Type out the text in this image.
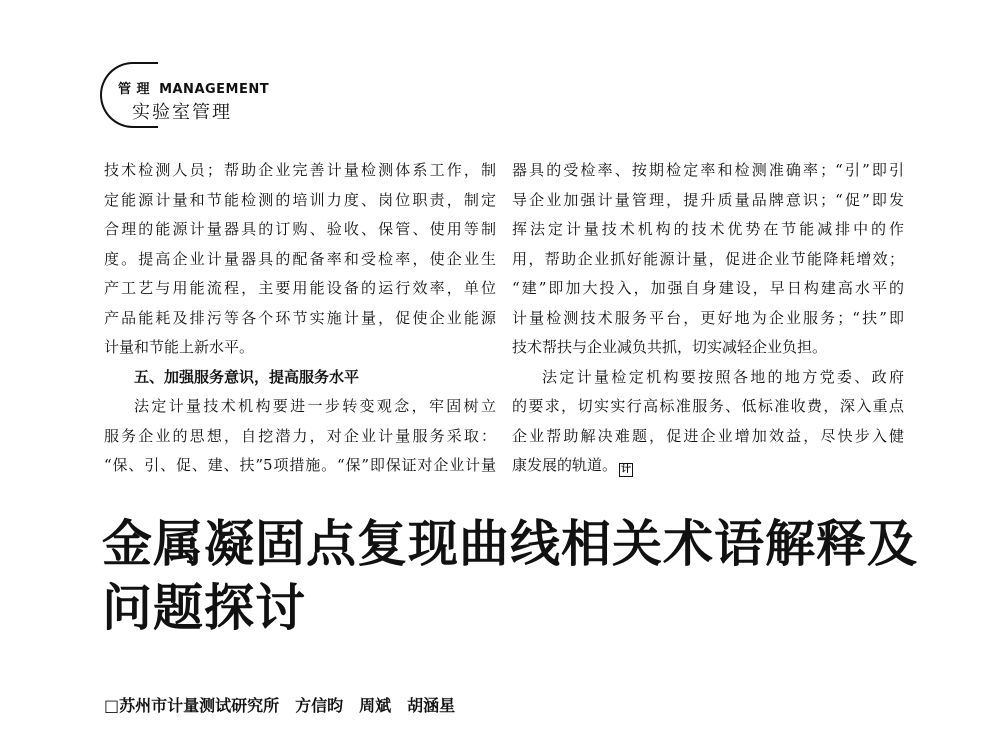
管 理 MANAGEMENT
实验室管理
技术检测人员；帮助企业完善计量检测体系工作，制
定能源计量和节能检测的培训力度、岗位职责，制定
合理的能源计量器具的订购、验收、保管、使用等制
度。提高企业计量器具的配备率和受检率，使企业生
产工艺与用能流程，主要用能设备的运行效率，单位
产品能耗及排污等各个环节实施计量，促使企业能源
计量和节能上新水平。
五、加强服务意识，提高服务水平
法定计量技术机构要进一步转变观念，牢固树立
服务企业的思想，自挖潜力，对企业计量服务采取：
“保、引、促、建、扶”5项措施。“保”即保证对企业计量
器具的受检率、按期检定率和检测准确率；“引”即引
导企业加强计量管理，提升质量品牌意识；“促”即发
挥法定计量技术机构的技术优势在节能减排中的作
用，帮助企业抓好能源计量，促进企业节能降耗增效；
“建”即加大投入，加强自身建设，早日构建高水平的
计量检测技术服务平台，更好地为企业服务；“扶”即
技术帮扶与企业减负共抓，切实减轻企业负担。
法定计量检定机构要按照各地的地方党委、政府
的要求，切实实行高标准服务、低标准收费，深入重点
企业帮助解决难题，促进企业增加效益，尽快步入健
康发展的轨道。 计
金属凝固点复现曲线相关术语解释及
问题探讨
□苏州市计量测试研究所　方信昀　周斌　胡涵星
